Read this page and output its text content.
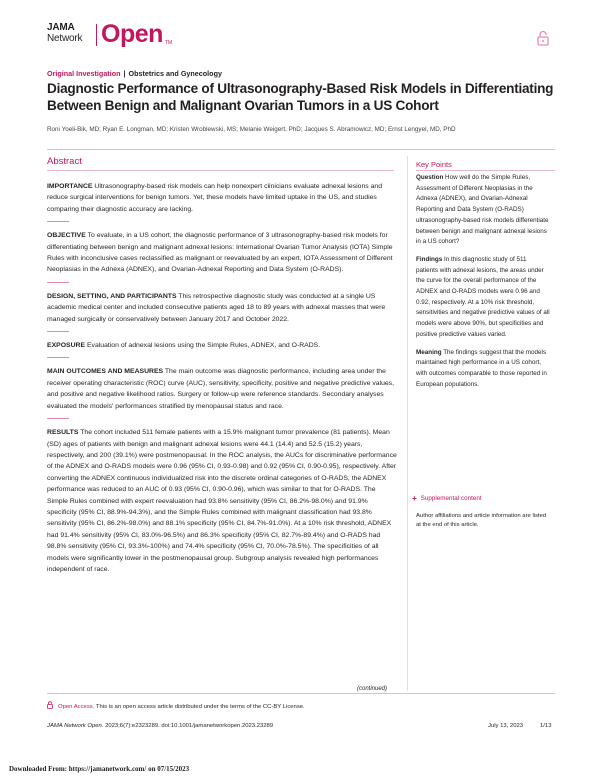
JAMA
Network Open TM
Original Investigation | Obstetrics and Gynecology
Diagnostic Performance of Ultrasonography-Based Risk Models in Differentiating Between Benign and Malignant Ovarian Tumors in a US Cohort
Roni Yoeli-Bik, MD; Ryan E. Longman, MD; Kristen Wroblewski, MS; Melanie Weigert, PhD; Jacques S. Abramowicz, MD; Ernst Lengyel, MD, PhD
Abstract

IMPORTANCE Ultrasonography-based risk models can help nonexpert clinicians evaluate adnexal lesions and reduce surgical interventions for benign tumors. Yet, these models have limited uptake in the US, and studies comparing their diagnostic accuracy are lacking.

OBJECTIVE To evaluate, in a US cohort, the diagnostic performance of 3 ultrasonography-based risk models for differentiating between benign and malignant adnexal lesions: International Ovarian Tumor Analysis (IOTA) Simple Rules with inconclusive cases reclassified as malignant or reevaluated by an expert, IOTA Assessment of Different Neoplasias in the Adnexa (ADNEX), and Ovarian-Adnexal Reporting and Data System (O-RADS).

DESIGN, SETTING, AND PARTICIPANTS This retrospective diagnostic study was conducted at a single US academic medical center and included consecutive patients aged 18 to 89 years with adnexal masses that were managed surgically or conservatively between January 2017 and October 2022.

EXPOSURE Evaluation of adnexal lesions using the Simple Rules, ADNEX, and O-RADS.

MAIN OUTCOMES AND MEASURES The main outcome was diagnostic performance, including area under the receiver operating characteristic (ROC) curve (AUC), sensitivity, specificity, positive and negative predictive values, and positive and negative likelihood ratios. Surgery or follow-up were reference standards. Secondary analyses evaluated the models' performances stratified by menopausal status and race.

RESULTS The cohort included 511 female patients with a 15.9% malignant tumor prevalence (81 patients). Mean (SD) ages of patients with benign and malignant adnexal lesions were 44.1 (14.4) and 52.5 (15.2) years, respectively, and 200 (39.1%) were postmenopausal. In the ROC analysis, the AUCs for discriminative performance of the ADNEX and O-RADS models were 0.96 (95% CI, 0.93-0.98) and 0.92 (95% CI, 0.90-0.95), respectively. After converting the ADNEX continuous individualized risk into the discrete ordinal categories of O-RADS, the ADNEX performance was reduced to an AUC of 0.93 (95% CI, 0.90-0.96), which was similar to that for O-RADS. The Simple Rules combined with expert reevaluation had 93.8% sensitivity (95% CI, 86.2%-98.0%) and 91.9% specificity (95% CI, 88.9%-94.3%), and the Simple Rules combined with malignant classification had 93.8% sensitivity (95% CI, 86.2%-98.0%) and 88.1% specificity (95% CI, 84.7%-91.0%). At a 10% risk threshold, ADNEX had 91.4% sensitivity (95% CI, 83.0%-96.5%) and 86.3% specificity (95% CI, 82.7%-89.4%) and O-RADS had 98.8% sensitivity (95% CI, 93.3%-100%) and 74.4% specificity (95% CI, 70.0%-78.5%). The specificities of all models were significantly lower in the postmenopausal group. Subgroup analysis revealed high performances independent of race.

(continued)
Key Points

Question How well do the Simple Rules, Assessment of Different Neoplasias in the Adnexa (ADNEX), and Ovarian-Adnexal Reporting and Data System (O-RADS) ultrasonography-based risk models differentiate between benign and malignant adnexal lesions in a US cohort?

Findings In this diagnostic study of 511 patients with adnexal lesions, the areas under the curve for the overall performance of the ADNEX and O-RADS models were 0.96 and 0.92, respectively. At a 10% risk threshold, sensitivities and negative predictive values of all models were above 90%, but specificities and positive predictive values varied.

Meaning The findings suggest that the models maintained high performance in a US cohort, with outcomes comparable to those reported in European populations.

+ Supplemental content
Author affiliations and article information are listed at the end of this article.
Open Access. This is an open access article distributed under the terms of the CC-BY License.
JAMA Network Open. 2023;6(7):e2323289. doi:10.1001/jamanetworkopen.2023.23289	July 13, 2023	1/13
Downloaded From: https://jamanetwork.com/ on 07/15/2023
